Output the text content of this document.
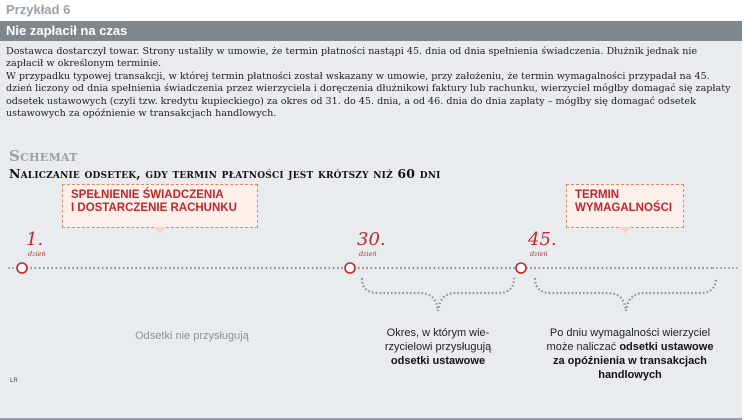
Przykład 6
Nie zapłacił na czas

Dostawca dostarczył towar. Strony ustaliły w umowie, że termin płatności nastąpi 45. dnia od dnia spełnienia świadczenia. Dłużnik jednak nie zapłacił w określonym terminie.

W przypadku typowej transakcji, w której termin płatności został wskazany w umowie, przy założeniu, że termin wymagalności przypadał na 45. dzień liczony od dnia spełnienia świadczenia przez wierzyciela i doręczenia dłużnikowi faktury lub rachunku, wierzyciel mógłby domagać się zapłaty odsetek ustawowych (czyli tzw. kredytu kupieckiego) za okres od 31. do 45. dnia, a od 46. dnia do dnia zapłaty – mógłby się domagać odsetek ustawowych za opóźnienie w transakcjach handlowych.

Schemat
Naliczanie odsetek, gdy termin płatności jest krótszy niż 60 dni
SPEŁNIENIE ŚWIADCZENIA
I DOSTARCZENIE RACHUNKU
TERMIN
WYMAGALNOŚCI
1.
dzień
30.
dzień
45.
dzień
Odsetki nie przysługują	Okres, w którym wie-rzycielowi przysługują odsetki ustawowe
Po dniu wymagalności wierzyciel może naliczać odsetki ustawowe za opóźnienia w transakcjach handlowych
LR
